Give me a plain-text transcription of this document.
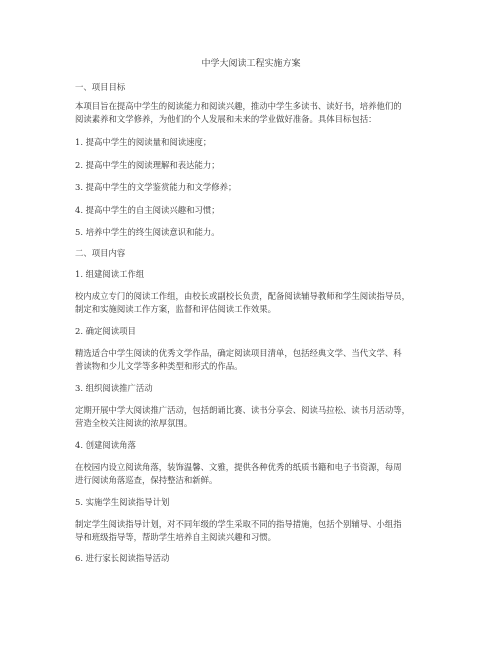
中学大阅读工程实施方案
一、项目目标
本项目旨在提高中学生的阅读能力和阅读兴趣，推动中学生多读书、读好书，培养他们的
阅读素养和文学修养，为他们的个人发展和未来的学业做好准备。具体目标包括：
1. 提高中学生的阅读量和阅读速度；
2. 提高中学生的阅读理解和表达能力；
3. 提高中学生的文学鉴赏能力和文学修养；
4. 提高中学生的自主阅读兴趣和习惯；
5. 培养中学生的终生阅读意识和能力。
二、项目内容
1. 组建阅读工作组
校内成立专门的阅读工作组，由校长或副校长负责，配备阅读辅导教师和学生阅读指导员，
制定和实施阅读工作方案，监督和评估阅读工作效果。
2. 确定阅读项目
精选适合中学生阅读的优秀文学作品，确定阅读项目清单，包括经典文学、当代文学、科
普读物和少儿文学等多种类型和形式的作品。
3. 组织阅读推广活动
定期开展中学大阅读推广活动，包括朗诵比赛、读书分享会、阅读马拉松、读书月活动等，
营造全校关注阅读的浓厚氛围。
4. 创建阅读角落
在校园内设立阅读角落，装饰温馨、文雅，提供各种优秀的纸质书籍和电子书资源，每周
进行阅读角落巡查，保持整洁和新鲜。
5. 实施学生阅读指导计划
制定学生阅读指导计划，对不同年级的学生采取不同的指导措施，包括个别辅导、小组指
导和班级指导等，帮助学生培养自主阅读兴趣和习惯。
6. 进行家长阅读指导活动
